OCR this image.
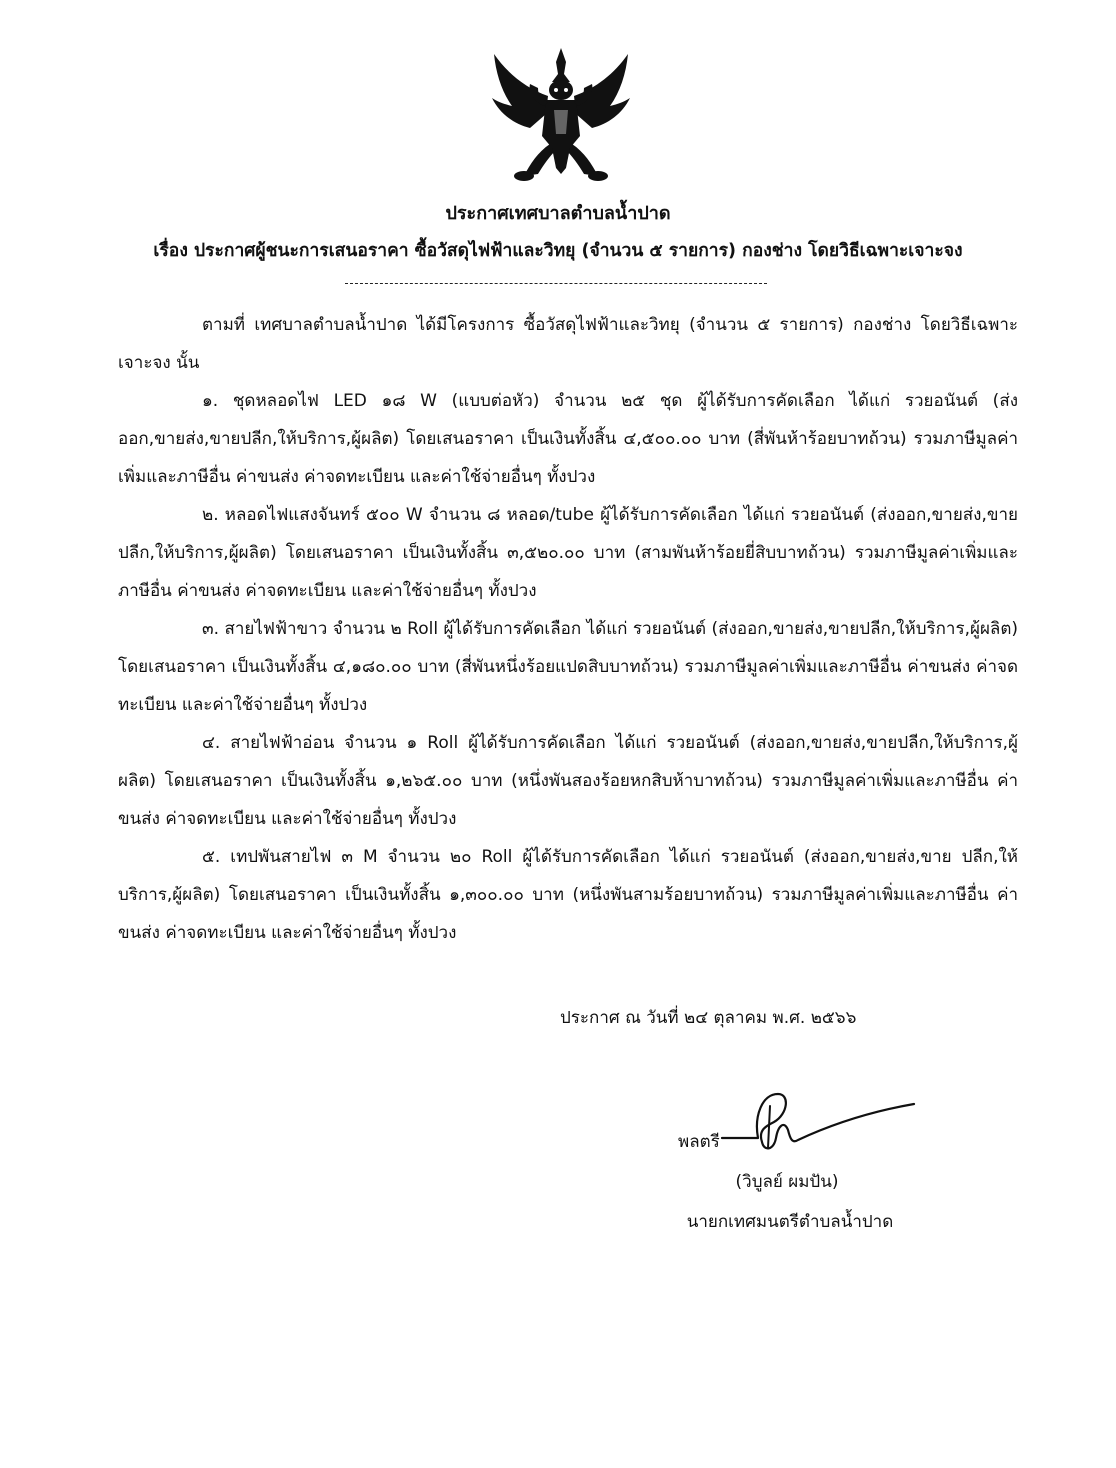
ประกาศเทศบาลตำบลน้ำปาด
เรื่อง ประกาศผู้ชนะการเสนอราคา ซื้อวัสดุไฟฟ้าและวิทยุ (จำนวน ๕ รายการ) กองช่าง โดยวิธีเฉพาะเจาะจง

ตามที่ เทศบาลตำบลน้ำปาด ได้มีโครงการ ซื้อวัสดุไฟฟ้าและวิทยุ (จำนวน ๕ รายการ) กองช่าง โดยวิธีเฉพาะเจาะจง นั้น

๑. ชุดหลอดไฟ LED ๑๘ W (แบบต่อหัว) จำนวน ๒๕ ชุด ผู้ได้รับการคัดเลือก ได้แก่ รวยอนันต์ (ส่งออก,ขายส่ง,ขายปลีก,ให้บริการ,ผู้ผลิต) โดยเสนอราคา เป็นเงินทั้งสิ้น ๔,๕๐๐.๐๐ บาท (สี่พันห้าร้อยบาทถ้วน) รวมภาษีมูลค่าเพิ่มและภาษีอื่น ค่าขนส่ง ค่าจดทะเบียน และค่าใช้จ่ายอื่นๆ ทั้งปวง

๒. หลอดไฟแสงจันทร์ ๕๐๐ W จำนวน ๘ หลอด/tube ผู้ได้รับการคัดเลือก ได้แก่ รวยอนันต์ (ส่งออก,ขายส่ง,ขายปลีก,ให้บริการ,ผู้ผลิต) โดยเสนอราคา เป็นเงินทั้งสิ้น ๓,๕๒๐.๐๐ บาท (สามพันห้าร้อยยี่สิบบาทถ้วน) รวมภาษีมูลค่าเพิ่มและภาษีอื่น ค่าขนส่ง ค่าจดทะเบียน และค่าใช้จ่ายอื่นๆ ทั้งปวง

๓. สายไฟฟ้าขาว จำนวน ๒ Roll ผู้ได้รับการคัดเลือก ได้แก่ รวยอนันต์ (ส่งออก,ขายส่ง,ขายปลีก,ให้บริการ,ผู้ผลิต) โดยเสนอราคา เป็นเงินทั้งสิ้น ๔,๑๘๐.๐๐ บาท (สี่พันหนึ่งร้อยแปดสิบบาทถ้วน) รวมภาษีมูลค่าเพิ่มและภาษีอื่น ค่าขนส่ง ค่าจดทะเบียน และค่าใช้จ่ายอื่นๆ ทั้งปวง

๔. สายไฟฟ้าอ่อน จำนวน ๑ Roll ผู้ได้รับการคัดเลือก ได้แก่ รวยอนันต์ (ส่งออก,ขายส่ง,ขายปลีก,ให้บริการ,ผู้ผลิต) โดยเสนอราคา เป็นเงินทั้งสิ้น ๑,๒๖๕.๐๐ บาท (หนึ่งพันสองร้อยหกสิบห้าบาทถ้วน) รวมภาษีมูลค่าเพิ่มและภาษีอื่น ค่าขนส่ง ค่าจดทะเบียน และค่าใช้จ่ายอื่นๆ ทั้งปวง

๕. เทปพันสายไฟ ๓ M จำนวน ๒๐ Roll ผู้ได้รับการคัดเลือก ได้แก่ รวยอนันต์ (ส่งออก,ขายส่ง,ขาย ปลีก,ให้บริการ,ผู้ผลิต) โดยเสนอราคา เป็นเงินทั้งสิ้น ๑,๓๐๐.๐๐ บาท (หนึ่งพันสามร้อยบาทถ้วน) รวมภาษีมูลค่าเพิ่มและภาษีอื่น ค่าขนส่ง ค่าจดทะเบียน และค่าใช้จ่ายอื่นๆ ทั้งปวง

ประกาศ ณ วันที่ ๒๔ ตุลาคม พ.ศ. ๒๕๖๖
พลตรี
(วิบูลย์ ผมปัน)
นายกเทศมนตรีตำบลน้ำปาด
